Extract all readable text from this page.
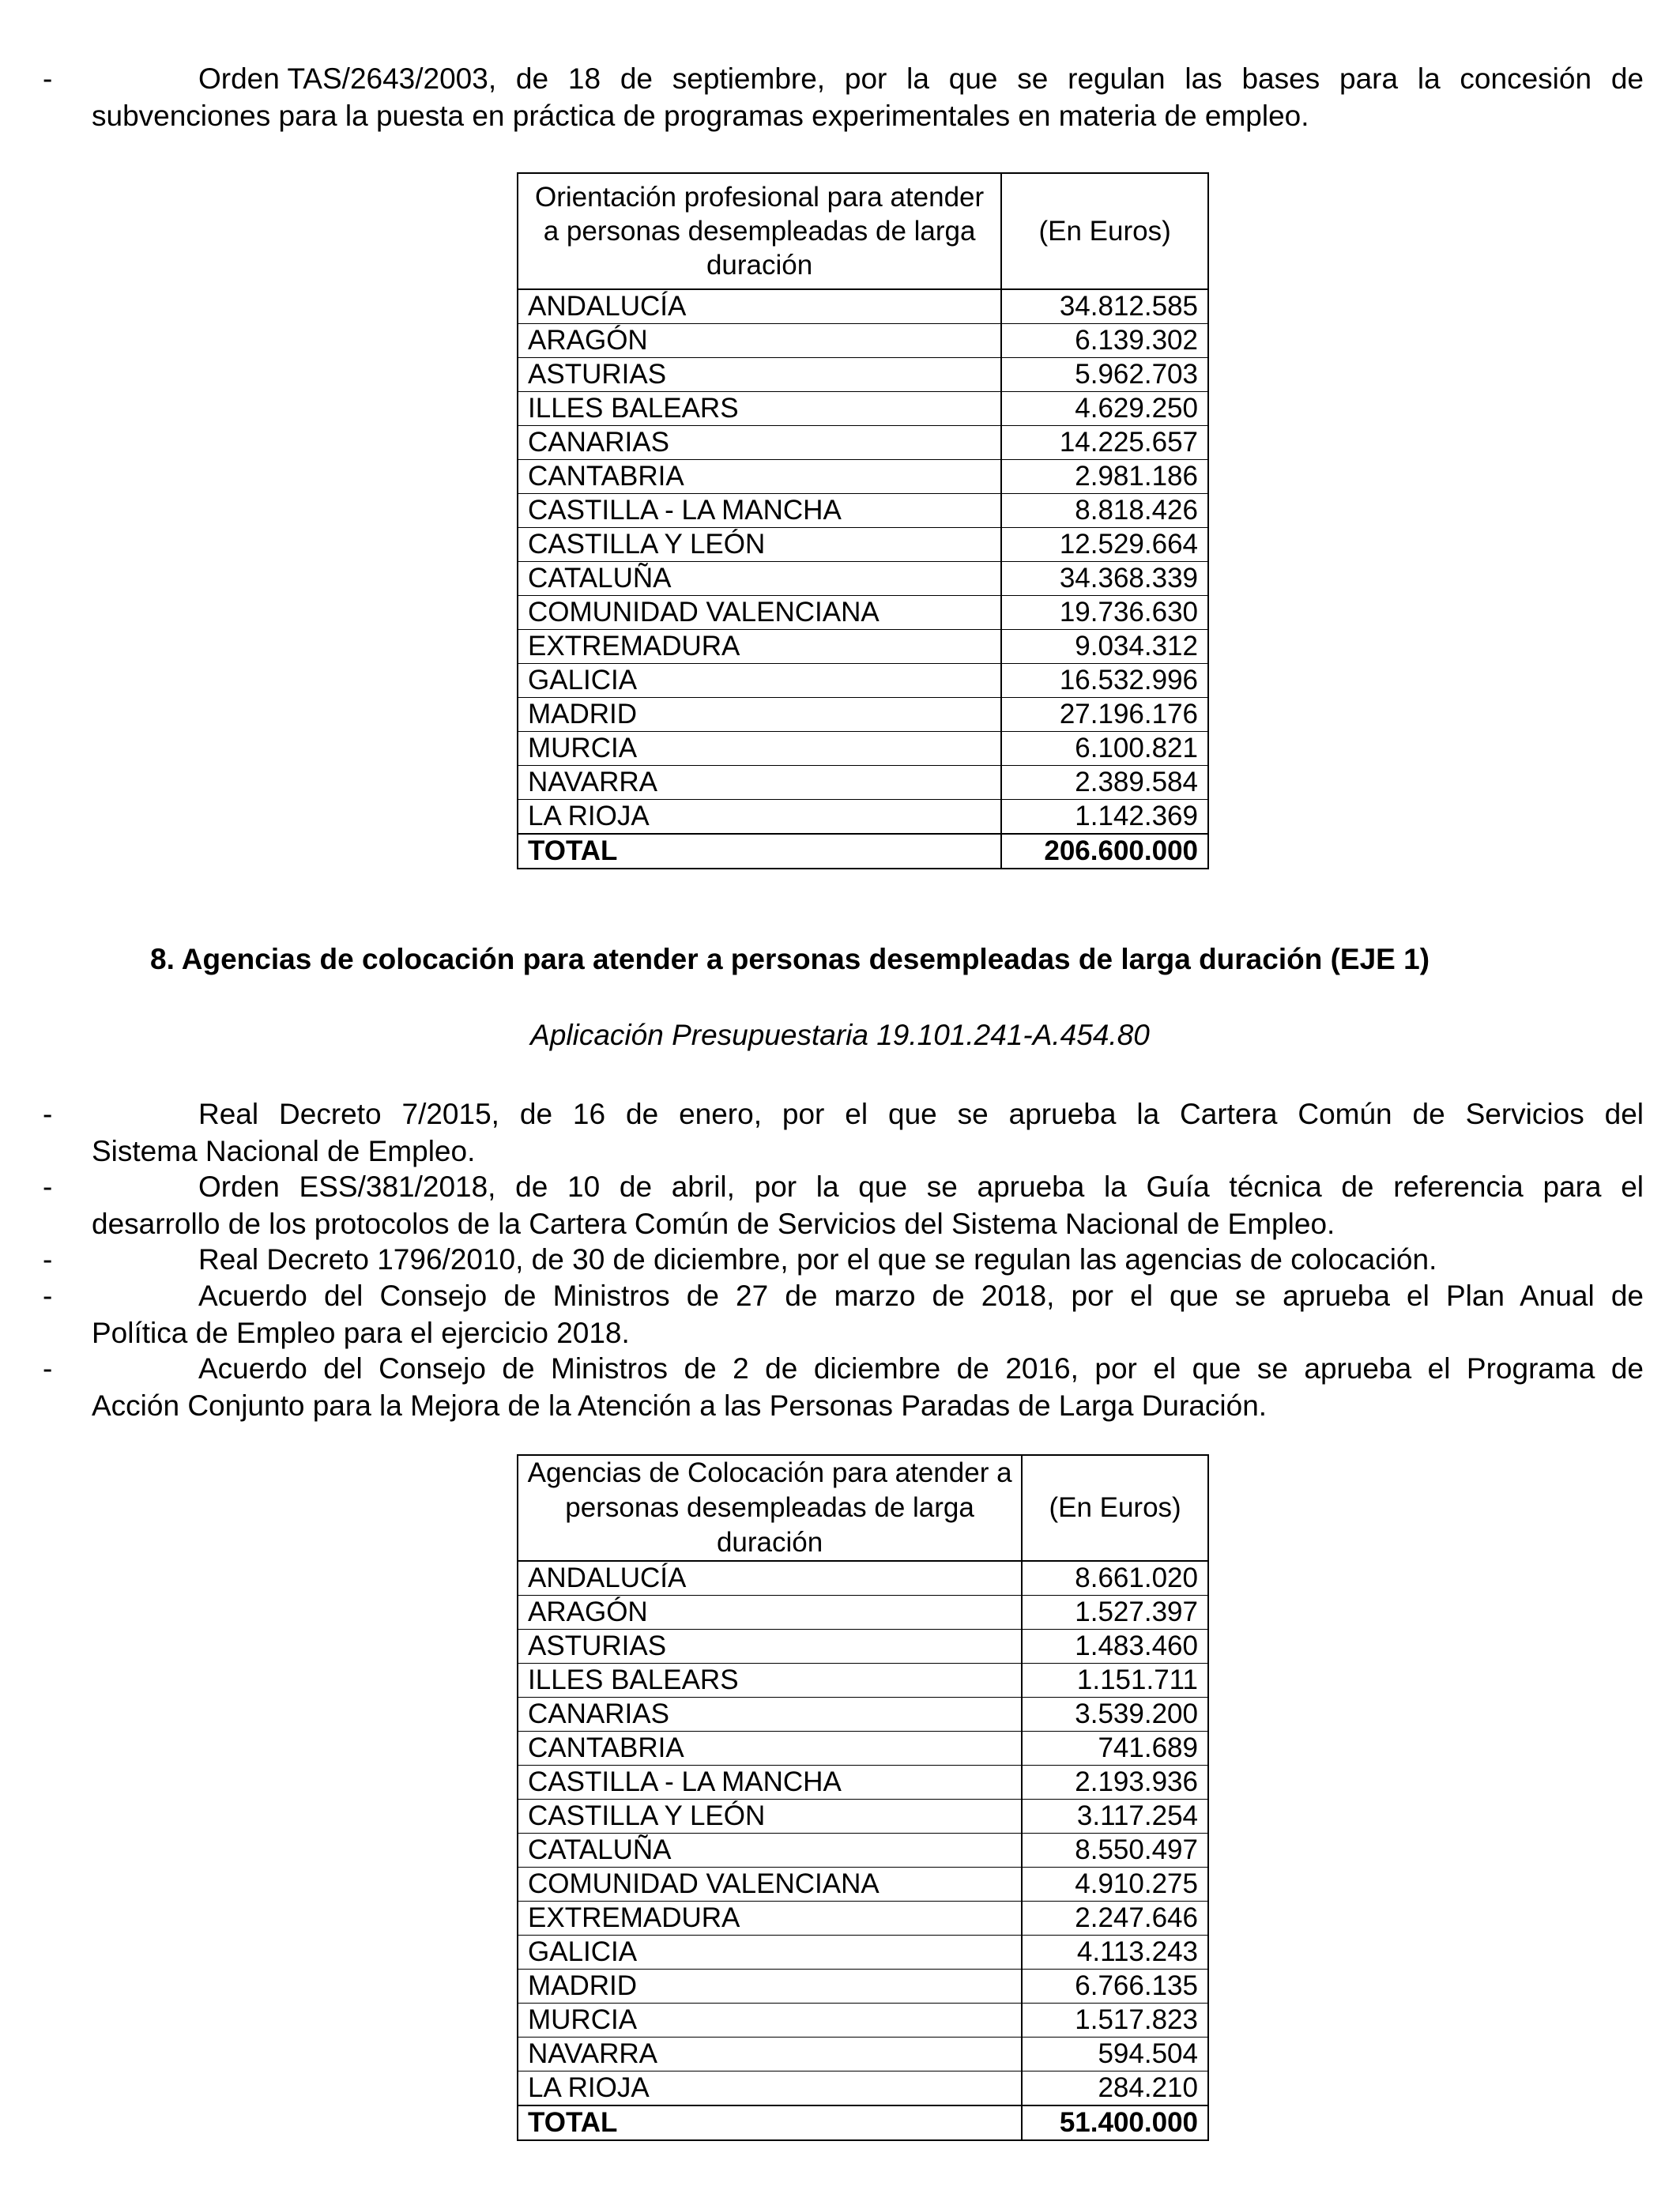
-	Orden TAS/2643/2003, de 18 de septiembre, por la que se regulan las bases para la concesión de
subvenciones para la puesta en práctica de programas experimentales en materia de empleo.
Orientación profesional para atender a personas desempleadas de larga duración	(En Euros)
ANDALUCÍA	34.812.585
ARAGÓN	6.139.302
ASTURIAS	5.962.703
ILLES BALEARS	4.629.250
CANARIAS	14.225.657
CANTABRIA	2.981.186
CASTILLA - LA MANCHA	8.818.426
CASTILLA Y LEÓN	12.529.664
CATALUÑA	34.368.339
COMUNIDAD VALENCIANA	19.736.630
EXTREMADURA	9.034.312
GALICIA	16.532.996
MADRID	27.196.176
MURCIA	6.100.821
NAVARRA	2.389.584
LA RIOJA	1.142.369
TOTAL	206.600.000
8. Agencias de colocación para atender a personas desempleadas de larga duración (EJE 1)
Aplicación Presupuestaria 19.101.241-A.454.80
-	Real Decreto 7/2015, de 16 de enero, por el que se aprueba la Cartera Común de Servicios del
Sistema Nacional de Empleo.
-	Orden ESS/381/2018, de 10 de abril, por la que se aprueba la Guía técnica de referencia para el
desarrollo de los protocolos de la Cartera Común de Servicios del Sistema Nacional de Empleo.
-	Real Decreto 1796/2010, de 30 de diciembre, por el que se regulan las agencias de colocación.
-	Acuerdo del Consejo de Ministros de 27 de marzo de 2018, por el que se aprueba el Plan Anual de
Política de Empleo para el ejercicio 2018.
-	Acuerdo del Consejo de Ministros de 2 de diciembre de 2016, por el que se aprueba el Programa de
Acción Conjunto para la Mejora de la Atención a las Personas Paradas de Larga Duración.
Agencias de Colocación para atender a personas desempleadas de larga duración	(En Euros)
ANDALUCÍA	8.661.020
ARAGÓN	1.527.397
ASTURIAS	1.483.460
ILLES BALEARS	1.151.711
CANARIAS	3.539.200
CANTABRIA	741.689
CASTILLA - LA MANCHA	2.193.936
CASTILLA Y LEÓN	3.117.254
CATALUÑA	8.550.497
COMUNIDAD VALENCIANA	4.910.275
EXTREMADURA	2.247.646
GALICIA	4.113.243
MADRID	6.766.135
MURCIA	1.517.823
NAVARRA	594.504
LA RIOJA	284.210
TOTAL	51.400.000
